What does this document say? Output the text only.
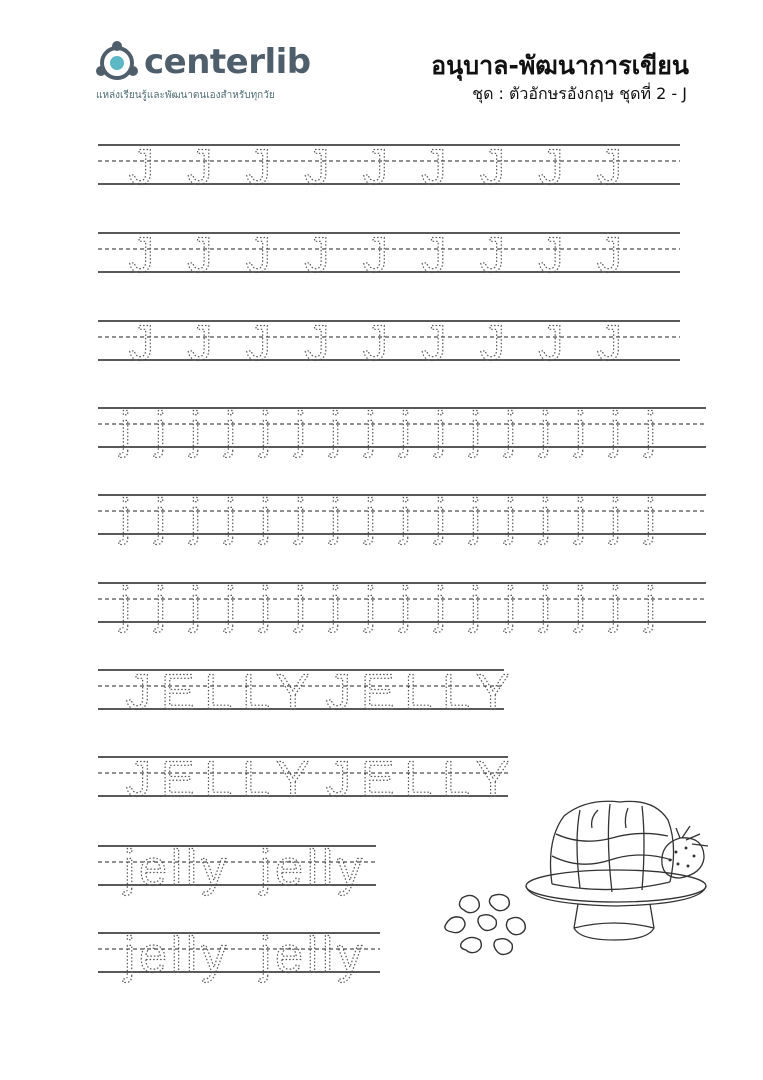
centerlib
แหล่งเรียนรู้และพัฒนาตนเองสำหรับทุกวัย
อนุบาล-พัฒนาการเขียน
ชุด : ตัวอักษรอังกฤษ ชุดที่ 2 - J
J J J J J J J J J
J J J J J J J J J
J J J J J J J J J
j j j j j j j j j j j j j j j j
j j j j j j j j j j j j j j j j
j j j j j j j j j j j j j j j j
JELLY JELLY
JELLY JELLY
jelly jelly
jelly jelly
